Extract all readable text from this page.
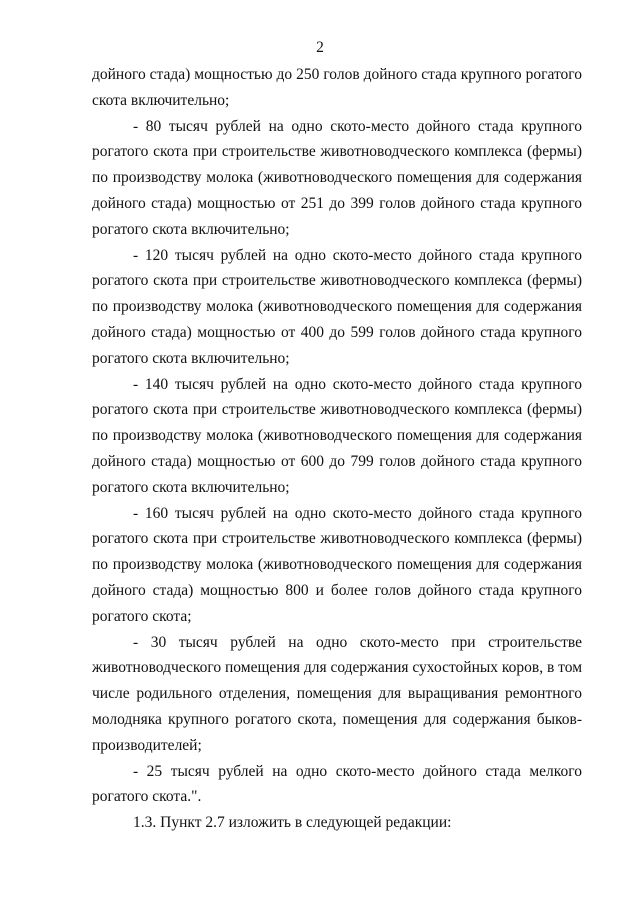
2
дойного стада) мощностью до 250 голов дойного стада крупного рогатого
скота включительно;
- 80 тысяч рублей на одно ското-место дойного стада крупного
рогатого скота при строительстве животноводческого комплекса (фермы)
по производству молока (животноводческого помещения для содержания
дойного стада) мощностью от 251 до 399 голов дойного стада крупного
рогатого скота включительно;
- 120 тысяч рублей на одно ското-место дойного стада крупного
рогатого скота при строительстве животноводческого комплекса (фермы)
по производству молока (животноводческого помещения для содержания
дойного стада) мощностью от 400 до 599 голов дойного стада крупного
рогатого скота включительно;
- 140 тысяч рублей на одно ското-место дойного стада крупного
рогатого скота при строительстве животноводческого комплекса (фермы)
по производству молока (животноводческого помещения для содержания
дойного стада) мощностью от 600 до 799 голов дойного стада крупного
рогатого скота включительно;
- 160 тысяч рублей на одно ското-место дойного стада крупного
рогатого скота при строительстве животноводческого комплекса (фермы)
по производству молока (животноводческого помещения для содержания
дойного стада) мощностью 800 и более голов дойного стада крупного
рогатого скота;
- 30 тысяч рублей на одно ското-место при строительстве
животноводческого помещения для содержания сухостойных коров, в том
числе родильного отделения, помещения для выращивания ремонтного
молодняка крупного рогатого скота, помещения для содержания быков-
производителей;
- 25 тысяч рублей на одно ското-место дойного стада мелкого
рогатого скота.".
1.3. Пункт 2.7 изложить в следующей редакции:
